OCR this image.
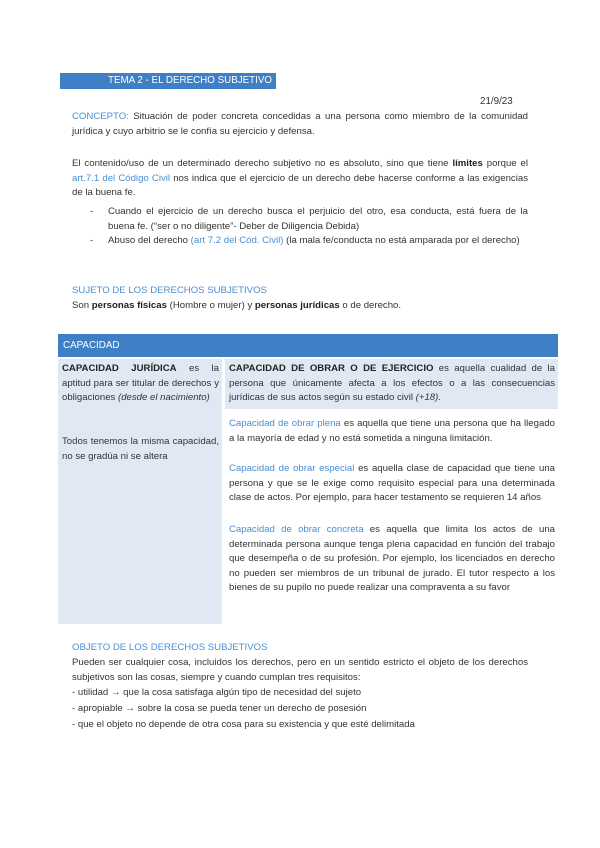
TEMA 2 - EL DERECHO SUBJETIVO
21/9/23
CONCEPTO: Situación de poder concreta concedidas a una persona como miembro de la comunidad jurídica y cuyo arbitrio se le confía su ejercicio y defensa.
El contenido/uso de un determinado derecho subjetivo no es absoluto, sino que tiene límites porque el art.7.1 del Código Civil nos indica que el ejercicio de un derecho debe hacerse conforme a las exigencias de la buena fe.
- Cuando el ejercicio de un derecho busca el perjuicio del otro, esa conducta, está fuera de la buena fe. (“ser o no diligente”- Deber de Diligencia Debida)
- Abuso del derecho (art 7.2 del Cód. Civil) (la mala fe/conducta no está amparada por el derecho)
SUJETO DE LOS DERECHOS SUBJETIVOS
Son personas físicas (Hombre o mujer) y personas jurídicas o de derecho.
CAPACIDAD
CAPACIDAD JURÍDICA es la aptitud para ser titular de derechos y obligaciones (desde el nacimiento)
Todos tenemos la misma capacidad, no se gradúa ni se altera
CAPACIDAD DE OBRAR O DE EJERCICIO es aquella cualidad de la persona que únicamente afecta a los efectos o a las consecuencias jurídicas de sus actos según su estado civil (+18).
Capacidad de obrar plena es aquella que tiene una persona que ha llegado a la mayoría de edad y no está sometida a ninguna limitación.
Capacidad de obrar especial es aquella clase de capacidad que tiene una persona y que se le exige como requisito especial para una determinada clase de actos. Por ejemplo, para hacer testamento se requieren 14 años
Capacidad de obrar concreta es aquella que limita los actos de una determinada persona aunque tenga plena capacidad en función del trabajo que desempeña o de su profesión. Por ejemplo, los licenciados en derecho no pueden ser miembros de un tribunal de jurado. El tutor respecto a los bienes de su pupilo no puede realizar una compraventa a su favor
OBJETO DE LOS DERECHOS SUBJETIVOS
Pueden ser cualquier cosa, incluidos los derechos, pero en un sentido estricto el objeto de los derechos subjetivos son las cosas, siempre y cuando cumplan tres requisitos:
- utilidad → que la cosa satisfaga algún tipo de necesidad del sujeto
- apropiable → sobre la cosa se pueda tener un derecho de posesión
- que el objeto no depende de otra cosa para su existencia y que esté delimitada
